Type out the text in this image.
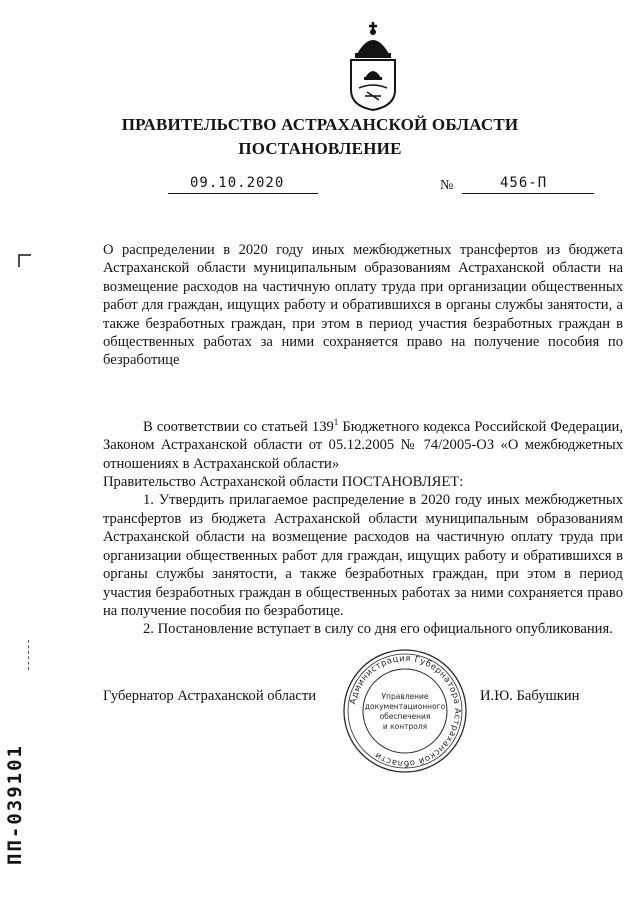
ПРАВИТЕЛЬСТВО АСТРАХАНСКОЙ ОБЛАСТИ
ПОСТАНОВЛЕНИЕ
09.10.2020	№	456-П

О распределении в 2020 году иных межбюджетных трансфертов из бюджета Астраханской области муниципальным образованиям Астраханской области на возмещение расходов на частичную оплату труда при организации общественных работ для граждан, ищущих работу и обратившихся в органы службы занятости, а также безработных граждан, при этом в период участия безработных граждан в общественных работах за ними сохраняется право на получение пособия по безработице

В соответствии со статьей $139^1$ Бюджетного кодекса Российской Федерации, Законом Астраханской области от 05.12.2005 № 74/2005-ОЗ «О межбюджетных отношениях в Астраханской области»

Правительство Астраханской области ПОСТАНОВЛЯЕТ:

1. Утвердить прилагаемое распределение в 2020 году иных межбюджетных трансфертов из бюджета Астраханской области муниципальным образованиям Астраханской области на возмещение расходов на частичную оплату труда при организации общественных работ для граждан, ищущих работу и обратившихся в органы службы занятости, а также безработных граждан, при этом в период участия безработных граждан в общественных работах за ними сохраняется право на получение пособия по безработице.

2. Постановление вступает в силу со дня его официального опубликования.

Губернатор Астраханской области	И.Ю. Бабушкин
Администрация Губернатора Астраханской области
Управление
документационного
обеспечения
и контроля
ПП-039101
